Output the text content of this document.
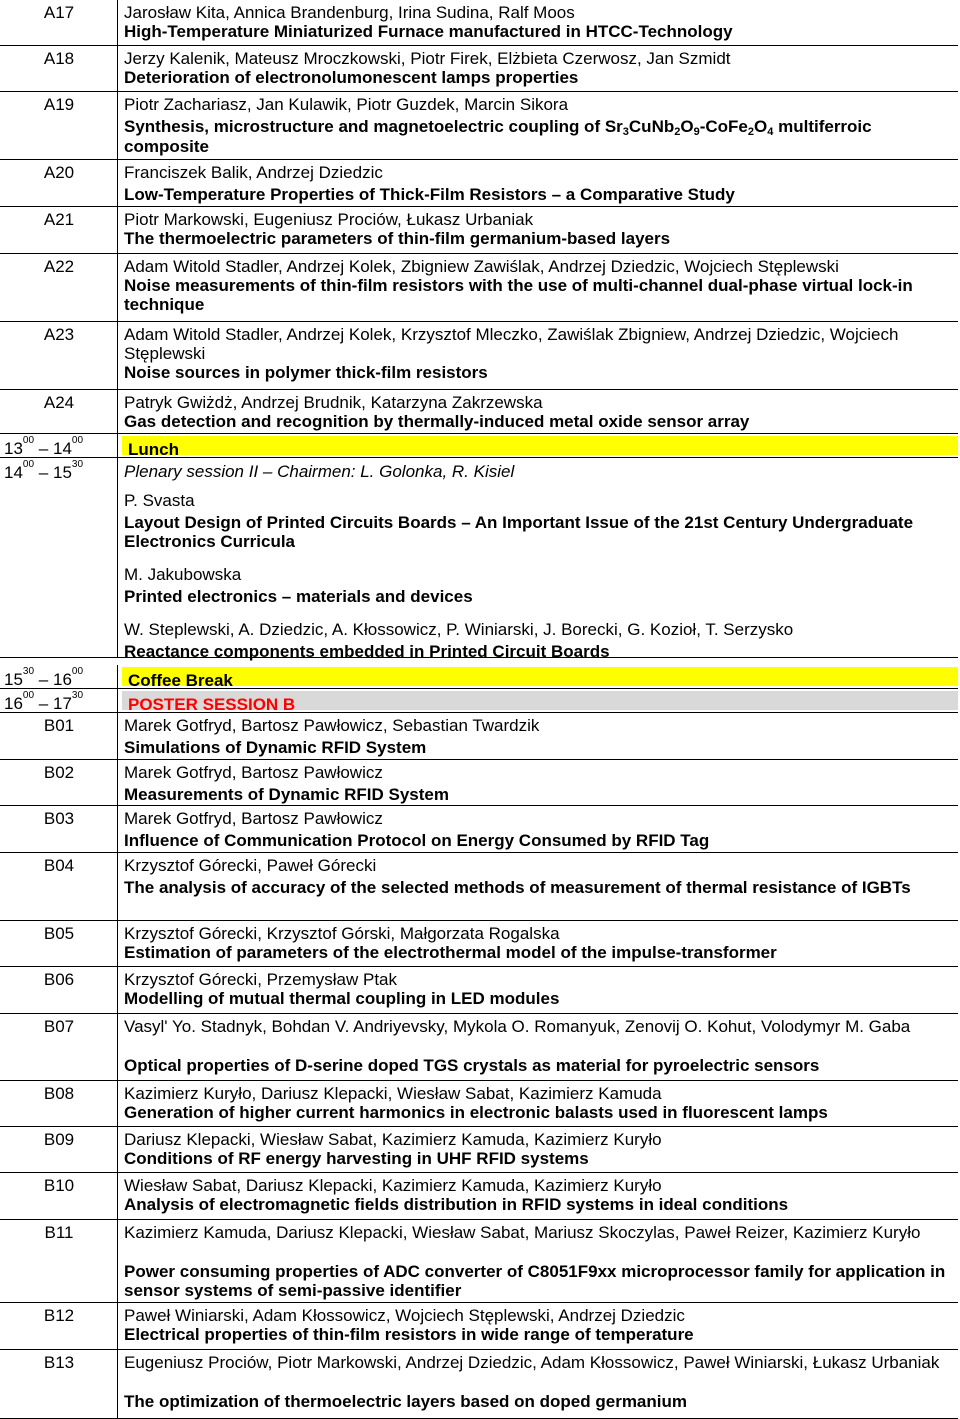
A17	Jarosław Kita, Annica Brandenburg, Irina Sudina, Ralf Moos
High-Temperature Miniaturized Furnace manufactured in HTCC-Technology
A18	Jerzy Kalenik, Mateusz Mroczkowski, Piotr Firek, Elżbieta Czerwosz, Jan Szmidt
Deterioration of electronolumonescent lamps properties
A19	Piotr Zachariasz, Jan Kulawik, Piotr Guzdek, Marcin Sikora
Synthesis, microstructure and magnetoelectric coupling of $Sr_3CuNb_2O_9-CoFe_2O_4$ multiferroic composite
A20	Franciszek Balik, Andrzej Dziedzic
Low-Temperature Properties of Thick-Film Resistors – a Comparative Study
A21	Piotr Markowski, Eugeniusz Prociów, Łukasz Urbaniak
The thermoelectric parameters of thin-film germanium-based layers
A22	Adam Witold Stadler, Andrzej Kolek, Zbigniew Zawiślak, Andrzej Dziedzic, Wojciech Stęplewski
Noise measurements of thin-film resistors with the use of multi-channel dual-phase virtual lock-in technique
A23	Adam Witold Stadler, Andrzej Kolek, Krzysztof Mleczko, Zawiślak Zbigniew, Andrzej Dziedzic, Wojciech Stęplewski
Noise sources in polymer thick-film resistors
A24	Patryk Gwiżdż, Andrzej Brudnik, Katarzyna Zakrzewska
Gas detection and recognition by thermally-induced metal oxide sensor array
$13^{00} - 14^{00}$	Lunch
$14^{00} - 15^{30}$ Plenary session II – Chairmen: L. Golonka, R. Kisiel
P. Svasta
Layout Design of Printed Circuits Boards – An Important Issue of the 21st Century Undergraduate Electronics Curricula
M. Jakubowska
Printed electronics – materials and devices
W. Steplewski, A. Dziedzic, A. Kłossowicz, P. Winiarski, J. Borecki, G. Kozioł, T. Serzysko
Reactance components embedded in Printed Circuit Boards
$15^{30} - 16^{00}$	Coffee Break
$16^{00} - 17^{30}$	POSTER SESSION B
B01	Marek Gotfryd, Bartosz Pawłowicz, Sebastian Twardzik
Simulations of Dynamic RFID System
B02	Marek Gotfryd, Bartosz Pawłowicz
Measurements of Dynamic RFID System
B03	Marek Gotfryd, Bartosz Pawłowicz
Influence of Communication Protocol on Energy Consumed by RFID Tag
B04	Krzysztof Górecki, Paweł Górecki
The analysis of accuracy of the selected methods of measurement of thermal resistance of IGBTs
B05	Krzysztof Górecki, Krzysztof Górski, Małgorzata Rogalska
Estimation of parameters of the electrothermal model of the impulse-transformer
B06	Krzysztof Górecki, Przemysław Ptak
Modelling of mutual thermal coupling in LED modules
B07	Vasyl' Yo. Stadnyk, Bohdan V. Andriyevsky, Mykola O. Romanyuk, Zenovij O. Kohut, Volodymyr M. Gaba
Optical properties of D-serine doped TGS crystals as material for pyroelectric sensors
B08	Kazimierz Kuryło, Dariusz Klepacki, Wiesław Sabat, Kazimierz Kamuda
Generation of higher current harmonics in electronic balasts used in fluorescent lamps
B09	Dariusz Klepacki, Wiesław Sabat, Kazimierz Kamuda, Kazimierz Kuryło
Conditions of RF energy harvesting in UHF RFID systems
B10	Wiesław Sabat, Dariusz Klepacki, Kazimierz Kamuda, Kazimierz Kuryło
Analysis of electromagnetic fields distribution in RFID systems in ideal conditions
B11	Kazimierz Kamuda, Dariusz Klepacki, Wiesław Sabat, Mariusz Skoczylas, Paweł Reizer, Kazimierz Kuryło
Power consuming properties of ADC converter of C8051F9xx microprocessor family for application in sensor systems of semi-passive identifier
B12	Paweł Winiarski, Adam Kłossowicz, Wojciech Stęplewski, Andrzej Dziedzic
Electrical properties of thin-film resistors in wide range of temperature
B13	Eugeniusz Prociów, Piotr Markowski, Andrzej Dziedzic, Adam Kłossowicz, Paweł Winiarski, Łukasz Urbaniak
The optimization of thermoelectric layers based on doped germanium
